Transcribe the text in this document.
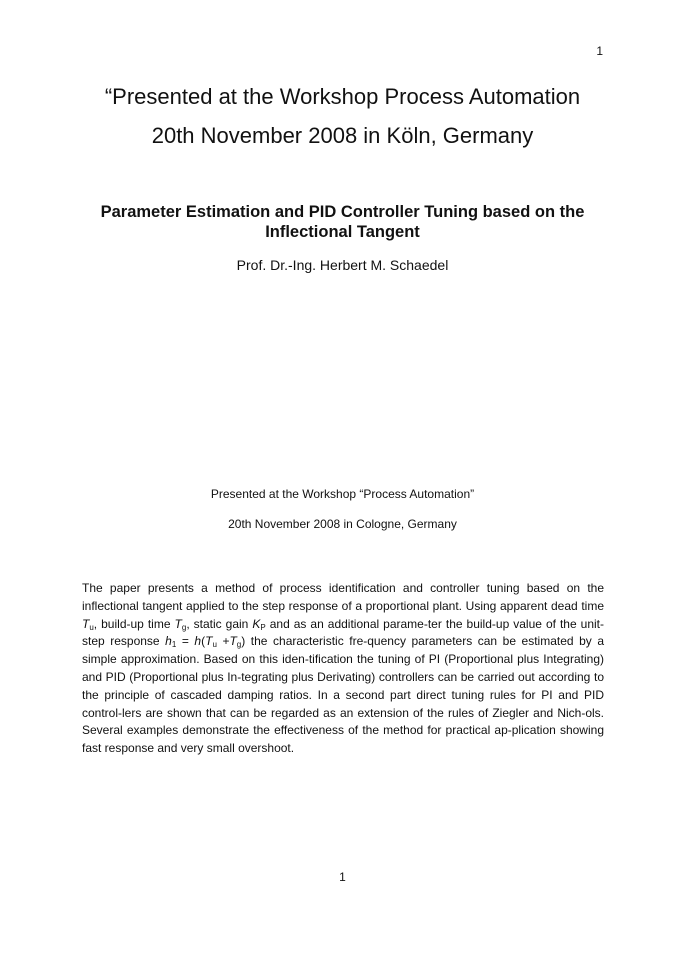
1
“Presented at the Workshop Process Automation
20th November 2008 in Köln, Germany
Parameter Estimation and PID Controller Tuning based on the Inflectional Tangent
Prof. Dr.-Ing. Herbert M. Schaedel
Presented at the Workshop “Process Automation”
20th November 2008 in Cologne, Germany
The paper presents a method of process identification and controller tuning based on the inflectional tangent applied to the step response of a proportional plant. Using apparent dead time $T_u$, build-up time $T_g$, static gain $K_P$ and as an additional parame-ter the build-up value of the unit-step response $h_1 = h(T_u +T_g)$ the characteristic fre-quency parameters can be estimated by a simple approximation. Based on this iden-tification the tuning of PI (Proportional plus Integrating) and PID (Proportional plus In-tegrating plus Derivating) controllers can be carried out according to the principle of cascaded damping ratios. In a second part direct tuning rules for PI and PID control-lers are shown that can be regarded as an extension of the rules of Ziegler and Nich-ols. Several examples demonstrate the effectiveness of the method for practical ap-plication showing fast response and very small overshoot.
1
